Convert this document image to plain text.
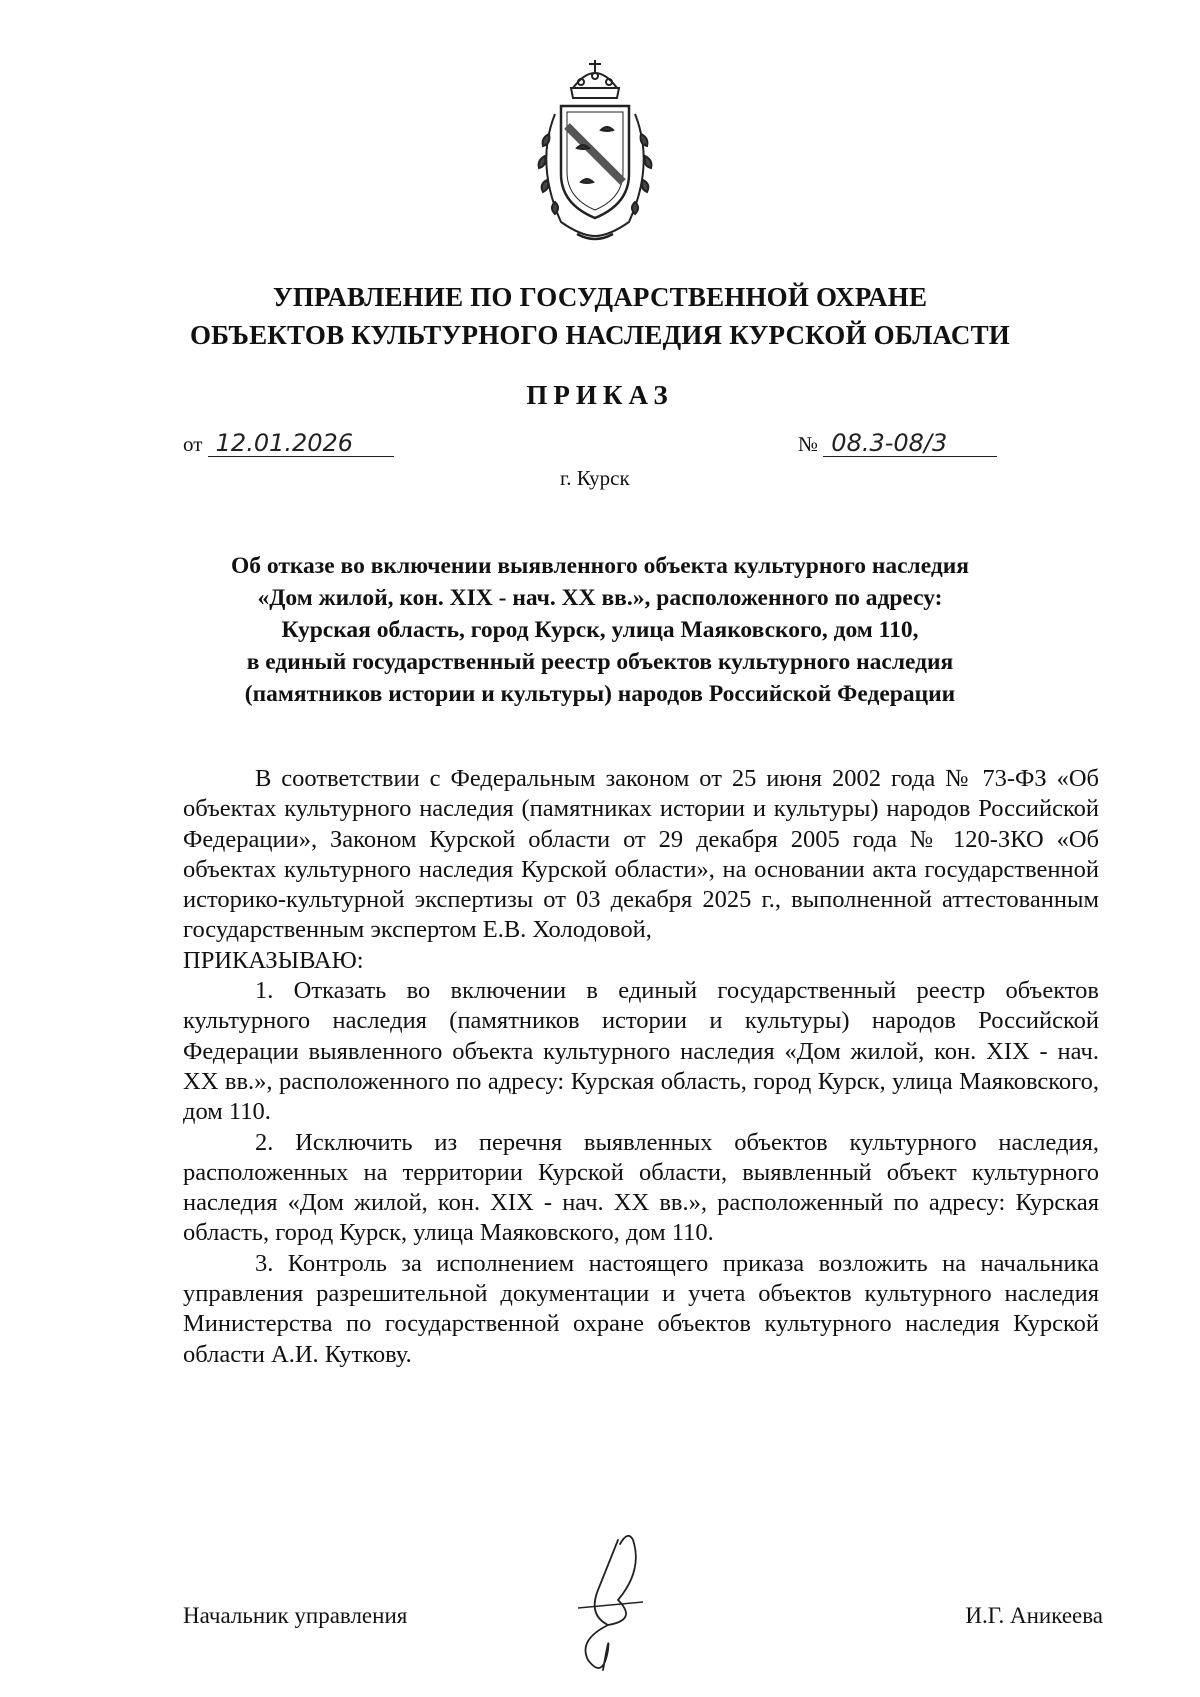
УПРАВЛЕНИЕ ПО ГОСУДАРСТВЕННОЙ ОХРАНЕ
ОБЪЕКТОВ КУЛЬТУРНОГО НАСЛЕДИЯ КУРСКОЙ ОБЛАСТИ
ПРИКАЗ
от 12.01.2026	№ 08.3-08/3
г. Курск
Об отказе во включении выявленного объекта культурного наследия
«Дом жилой, кон. XIX - нач. XX вв.», расположенного по адресу:
Курская область, город Курск, улица Маяковского, дом 110,
в единый государственный реестр объектов культурного наследия
(памятников истории и культуры) народов Российской Федерации

В соответствии с Федеральным законом от 25 июня 2002 года № 73-ФЗ «Об объектах культурного наследия (памятниках истории и культуры) народов Российской Федерации», Законом Курской области от 29 декабря 2005 года № 120-ЗКО «Об объектах культурного наследия Курской области», на основании акта государственной историко-культурной экспертизы от 03 декабря 2025 г., выполненной аттестованным государственным экспертом Е.В. Холодовой,

ПРИКАЗЫВАЮ:

1. Отказать во включении в единый государственный реестр объектов культурного наследия (памятников истории и культуры) народов Российской Федерации выявленного объекта культурного наследия «Дом жилой, кон. XIX - нач. XX вв.», расположенного по адресу: Курская область, город Курск, улица Маяковского, дом 110.

2. Исключить из перечня выявленных объектов культурного наследия, расположенных на территории Курской области, выявленный объект культурного наследия «Дом жилой, кон. XIX - нач. XX вв.», расположенный по адресу: Курская область, город Курск, улица Маяковского, дом 110.

3. Контроль за исполнением настоящего приказа возложить на начальника управления разрешительной документации и учета объектов культурного наследия Министерства по государственной охране объектов культурного наследия Курской области А.И. Куткову.

Начальник управления	И.Г. Аникеева
